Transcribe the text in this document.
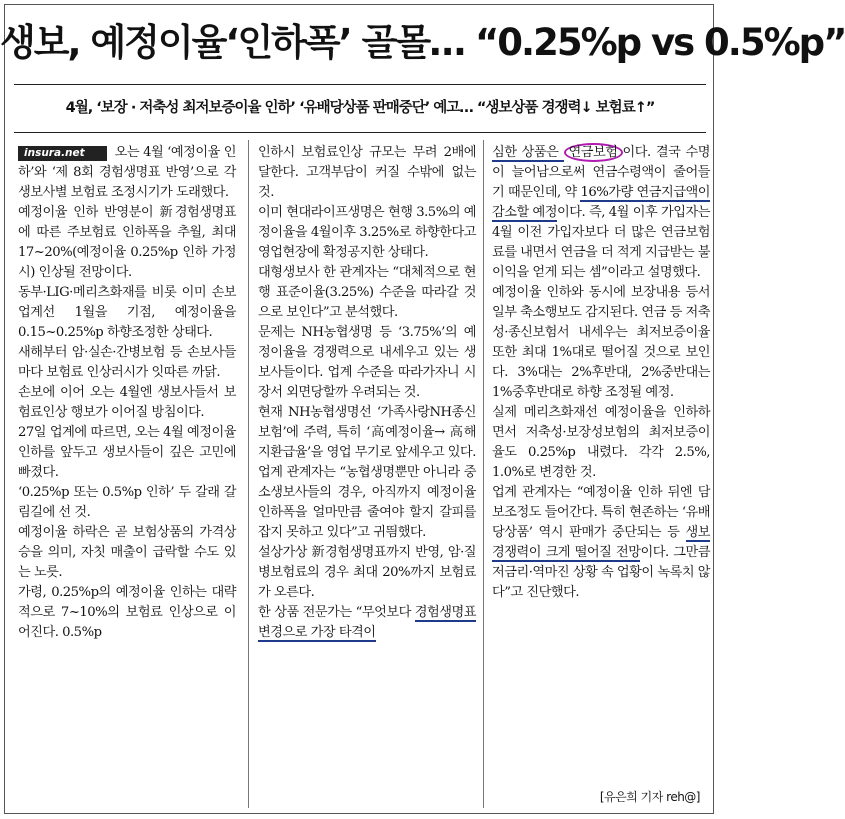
생보, 예정이율‘인하폭’ 골몰… “0.25%p vs 0.5%p”
4월, ‘보장 · 저축성 최저보증이율 인하’ ‘유배당상품 판매중단’ 예고… “생보상품 경쟁력↓ 보험료↑”

insura.net	오는 4월 ‘예정이율 인하’와 ‘제 8회 경험생명표 반영’으로 각 생보사별 보험료 조정시기가 도래했다.

예정이율 인하 반영분이 新경험생명표에 따른 주보험료 인하폭을 추월, 최대 17~20%(예정이율 0.25%p 인하 가정시) 인상될 전망이다.

동부·LIG·메리츠화재를 비롯 이미 손보업계선 1월을 기점, 예정이율을 0.15~0.25%p 하향조정한 상태다.

새해부터 암·실손·간병보험 등 손보사들마다 보험료 인상러시가 잇따른 까닭.

손보에 이어 오는 4월엔 생보사들서 보험료인상 행보가 이어질 방침이다.

27일 업계에 따르면, 오는 4월 예정이율 인하를 앞두고 생보사들이 깊은 고민에 빠졌다.

‘0.25%p 또는 0.5%p 인하’ 두 갈래 갈림길에 선 것.

예정이율 하락은 곧 보험상품의 가격상승을 의미, 자칫 매출이 급락할 수도 있는 노릇.

가령, 0.25%p의 예정이율 인하는 대략적으로 7~10%의 보험료 인상으로 이어진다. 0.5%p

인하시 보험료인상 규모는 무려 2배에 달한다. 고객부담이 커질 수밖에 없는 것.

이미 현대라이프생명은 현행 3.5%의 예정이율을 4월이후 3.25%로 하향한다고 영업현장에 확정공지한 상태다.

대형생보사 한 관계자는 “대체적으로 현행 표준이율(3.25%) 수준을 따라갈 것으로 보인다”고 분석했다.

문제는 NH농협생명 등 ‘3.75%’의 예정이율을 경쟁력으로 내세우고 있는 생보사들이다. 업계 수준을 따라가자니 시장서 외면당할까 우려되는 것.

현재 NH농협생명선 ‘가족사랑NH종신보험’에 주력, 특히 ‘高예정이율→ 高해지환급율’을 영업 무기로 앞세우고 있다.

업계 관계자는 “농협생명뿐만 아니라 중소생보사들의 경우, 아직까지 예정이율 인하폭을 얼마만큼 줄여야 할지 갈피를 잡지 못하고 있다”고 귀띔했다.

설상가상 新경험생명표까지 반영, 암·질병보험료의 경우 최대 20%까지 보험료가 오른다.

한 상품 전문가는 “무엇보다 경험생명표 변경으로 가장 타격이

심한 상품은 연금보험 이다. 결국 수명이 늘어남으로써 연금수령액이 줄어들기 때문인데, 약 16%가량 연금지급액이 감소할 예정이다. 즉, 4월 이후 가입자는 4월 이전 가입자보다 더 많은 연금보험료를 내면서 연금을 더 적게 지급받는 불이익을 얻게 되는 셈”이라고 설명했다.

예정이율 인하와 동시에 보장내용 등서 일부 축소행보도 감지된다. 연금 등 저축성·종신보험서 내세우는 최저보증이율 또한 최대 1%대로 떨어질 것으로 보인다. 3%대는 2%후반대, 2%중반대는 1%중후반대로 하향 조정될 예정.

실제 메리츠화재선 예정이율을 인하하면서 저축성·보장성보험의 최저보증이율도 0.25%p 내렸다. 각각 2.5%, 1.0%로 변경한 것.

업계 관계자는 “예정이율 인하 뒤엔 담보조정도 들어간다. 특히 현존하는 ‘유배당상품’ 역시 판매가 중단되는 등 생보 경쟁력이 크게 떨어질 전망이다. 그만큼 저금리·역마진 상황 속 업황이 녹록치 않다”고 진단했다.

[유은희 기자 reh@]
